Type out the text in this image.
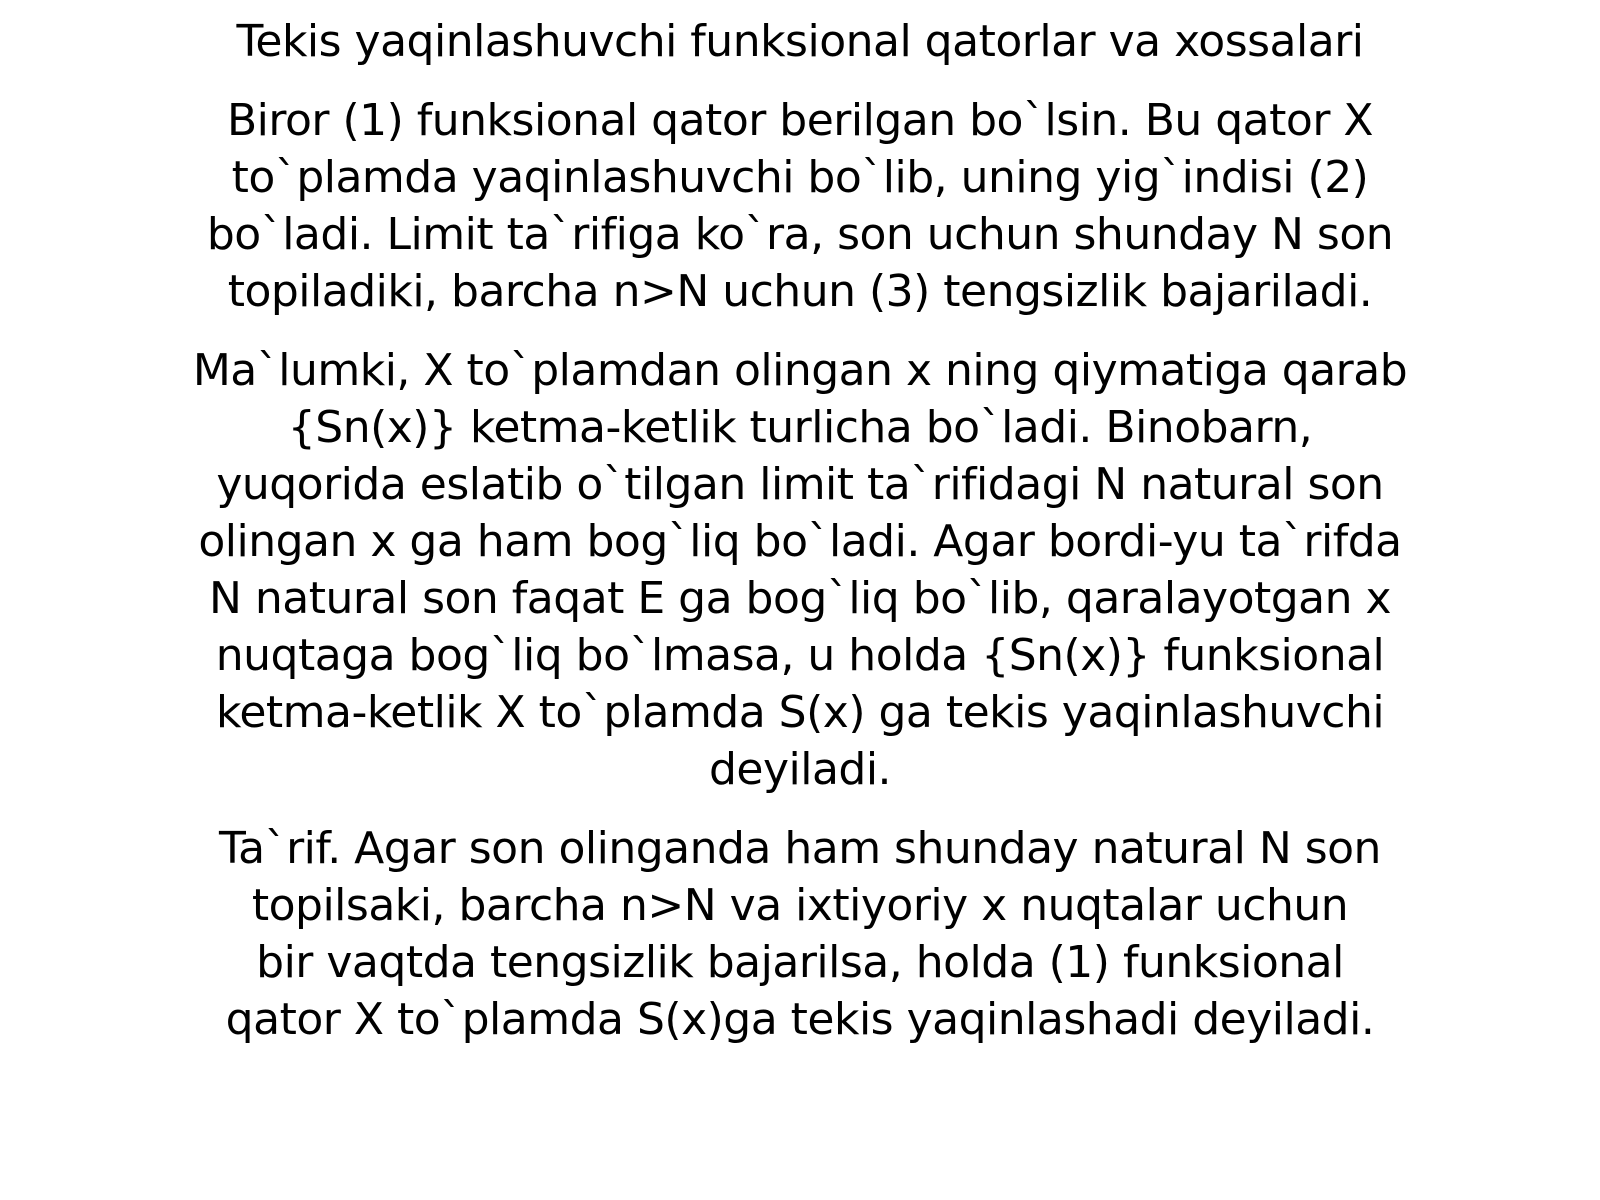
Tekis yaqinlashuvchi funksional qatorlar va xossalari

Biror (1) funksional qator berilgan bo`lsin. Bu qator X
to`plamda yaqinlashuvchi bo`lib, uning yig`indisi (2)
bo`ladi. Limit ta`rifiga ko`ra, son uchun shunday N son
topiladiki, barcha n>N uchun (3) tengsizlik bajariladi.

Ma`lumki, X to`plamdan olingan x ning qiymatiga qarab
{Sn(x)} ketma-ketlik turlicha bo`ladi. Binobarn,
yuqorida eslatib o`tilgan limit ta`rifidagi N natural son
olingan x ga ham bog`liq bo`ladi. Agar bordi-yu ta`rifda
N natural son faqat E ga bog`liq bo`lib, qaralayotgan x
nuqtaga bog`liq bo`lmasa, u holda {Sn(x)} funksional
ketma-ketlik X to`plamda S(x) ga tekis yaqinlashuvchi
deyiladi.

Ta`rif. Agar son olinganda ham shunday natural N son
topilsaki, barcha n>N va ixtiyoriy x nuqtalar uchun
bir vaqtda tengsizlik bajarilsa, holda (1) funksional
qator X to`plamda S(x)ga tekis yaqinlashadi deyiladi.
